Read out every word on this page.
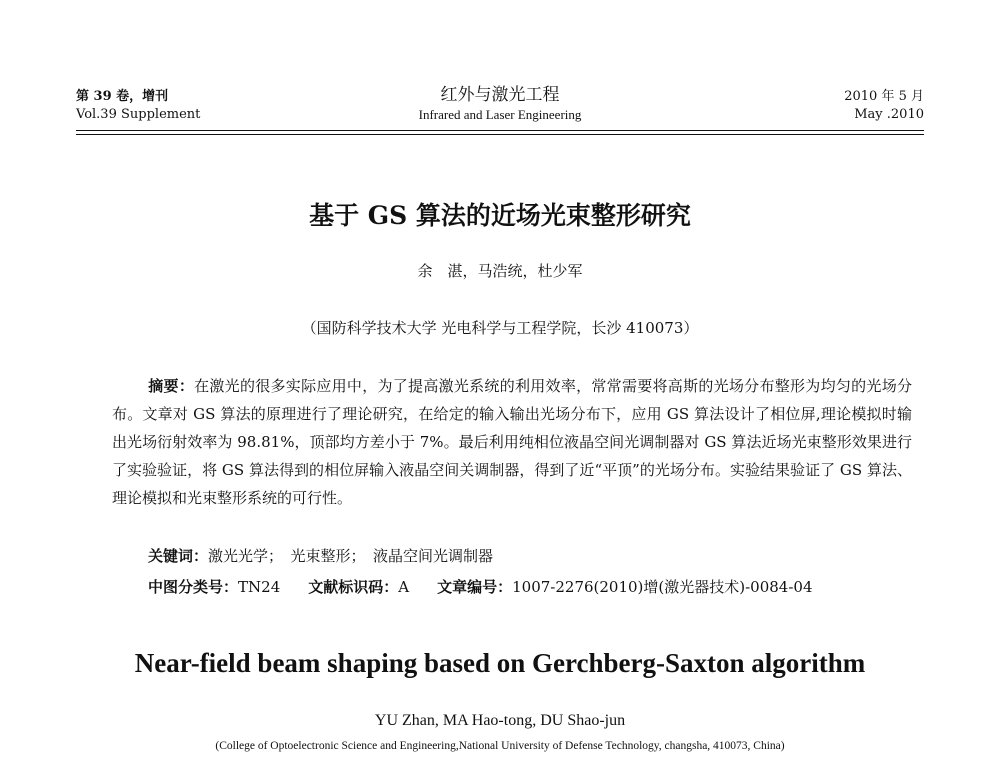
第 39 卷，增刊
Vol.39 Supplement
红外与激光工程
Infrared and Laser Engineering
2010 年 5 月
May .2010
基于 GS 算法的近场光束整形研究
余　湛，马浩统，杜少军
（国防科学技术大学 光电科学与工程学院，长沙 410073）
摘要：在激光的很多实际应用中，为了提高激光系统的利用效率，常常需要将高斯的光场分布整形为均匀的光场分布。文章对 GS 算法的原理进行了理论研究，在给定的输入输出光场分布下，应用 GS 算法设计了相位屏,理论模拟时输出光场衍射效率为 98.81%，顶部均方差小于 7%。最后利用纯相位液晶空间光调制器对 GS 算法近场光束整形效果进行了实验验证，将 GS 算法得到的相位屏输入液晶空间关调制器，得到了近“平顶”的光场分布。实验结果验证了 GS 算法、理论模拟和光束整形系统的可行性。
关键词：激光光学；　光束整形；　液晶空间光调制器
中图分类号：TN24 文献标识码：A 文章编号：1007-2276(2010)增(激光器技术)-0084-04
Near-field beam shaping based on Gerchberg-Saxton algorithm
YU Zhan, MA Hao-tong, DU Shao-jun
(College of Optoelectronic Science and Engineering,National University of Defense Technology, changsha, 410073, China)
